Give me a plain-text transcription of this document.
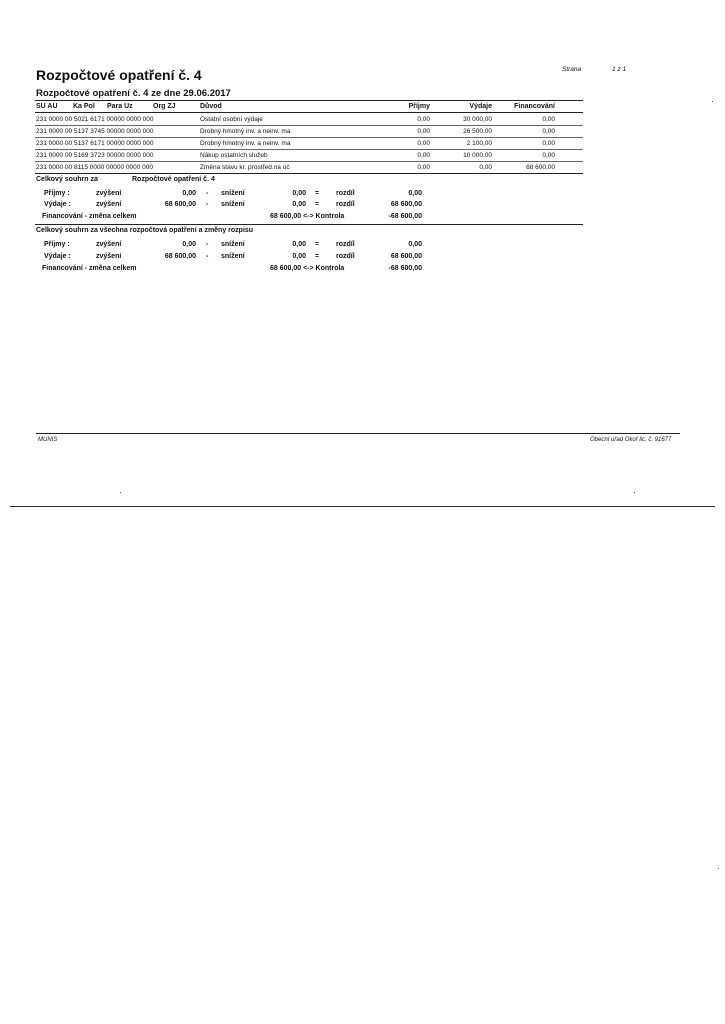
Rozpočtové opatření č. 4
Rozpočtové opatření č. 4 ze dne 29.06.2017
Strana	1 z 1
SU AU Ka Pol Para Uz	Org ZJ	Důvod	Příjmy	Výdaje	Financování
231 0000 00 5021 6171 00000 0000 000	Ostatní osobní výdaje	0,00	30 000,00	0,00
231 0000 00 5137 3745 00000 0000 000	Drobný hmotný inv. a neinv. ma	0,00	26 500,00	0,00
231 0000 00 5137 6171 00000 0000 000	Drobný hmotný inv. a neinv. ma	0,00	2 100,00	0,00
231 0000 00 5169 3723 00000 0000 000	Nákup ostatních služeb	0,00	10 000,00	0,00
231 0000 00 8115 0000 00000 0000 000	Změna stavu kr. prostřed.na úč	0,00	0,00	68 600,00
Celkový souhrn za	Rozpočtové opatření č. 4
Příjmy :	zvýšení	0,00 - snížení	0,00 = rozdíl	0,00
Výdaje :	zvýšení	68 600,00 - snížení	0,00 = rozdíl	68 600,00
Financování - změna celkem	68 600,00 <-> Kontrola	-68 600,00
Celkový souhrn za všechna rozpočtová opatření a změny rozpisu
Příjmy :	zvýšení	0,00 - snížení	0,00 = rozdíl	0,00
Výdaje :	zvýšení	68 600,00 - snížení	0,00 = rozdíl	68 600,00
Financování - změna celkem	68 600,00 <-> Kontrola	-68 600,00
MUNIS	Obecní úřad Okoř lic. č. 91677
